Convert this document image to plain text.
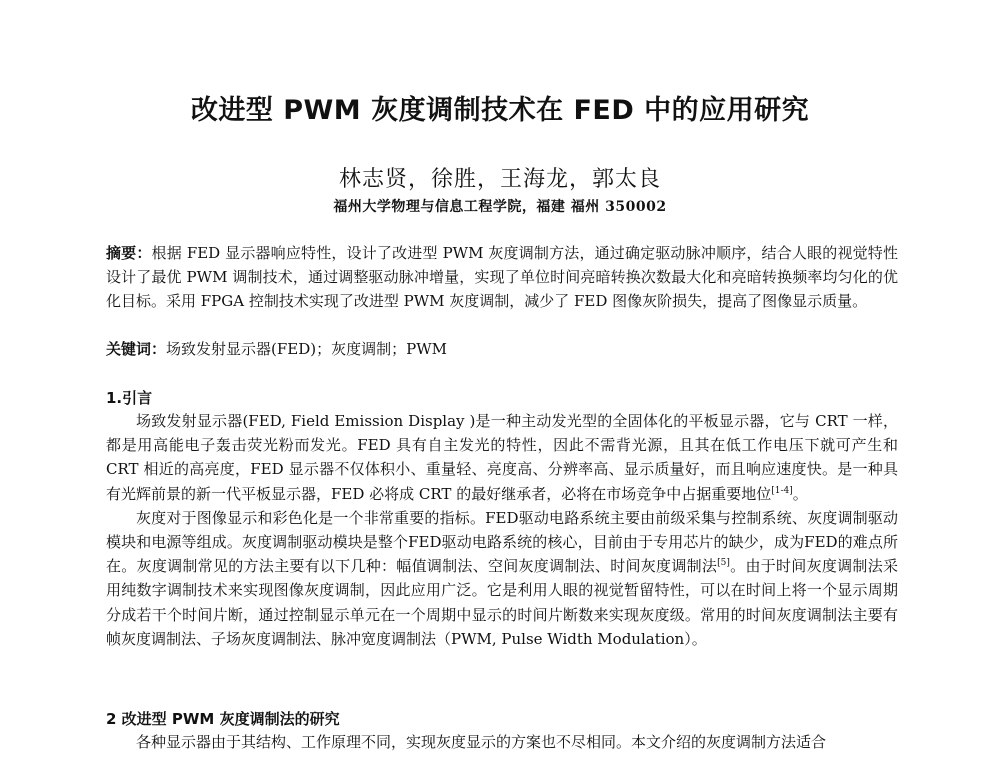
改进型 PWM 灰度调制技术在 FED 中的应用研究
林志贤，徐胜，王海龙，郭太良
福州大学物理与信息工程学院，福建 福州 350002
摘要：根据 FED 显示器响应特性，设计了改进型 PWM 灰度调制方法，通过确定驱动脉冲顺序，结合人眼的视觉特性设计了最优 PWM 调制技术，通过调整驱动脉冲增量，实现了单位时间亮暗转换次数最大化和亮暗转换频率均匀化的优化目标。采用 FPGA 控制技术实现了改进型 PWM 灰度调制，减少了 FED 图像灰阶损失，提高了图像显示质量。
关键词：场致发射显示器(FED)；灰度调制；PWM
1.引言

场致发射显示器(FED, Field Emission Display )是一种主动发光型的全固体化的平板显示器，它与 CRT 一样，都是用高能电子轰击荧光粉而发光。FED 具有自主发光的特性，因此不需背光源，且其在低工作电压下就可产生和 CRT 相近的高亮度，FED 显示器不仅体积小、重量轻、亮度高、分辨率高、显示质量好，而且响应速度快。是一种具有光辉前景的新一代平板显示器，FED 必将成 CRT 的最好继承者，必将在市场竞争中占据重要地位[1-4]。

灰度对于图像显示和彩色化是一个非常重要的指标。FED驱动电路系统主要由前级采集与控制系统、灰度调制驱动模块和电源等组成。灰度调制驱动模块是整个FED驱动电路系统的核心，目前由于专用芯片的缺少，成为FED的难点所在。灰度调制常见的方法主要有以下几种：幅值调制法、空间灰度调制法、时间灰度调制法[5]。由于时间灰度调制法采用纯数字调制技术来实现图像灰度调制，因此应用广泛。它是利用人眼的视觉暂留特性，可以在时间上将一个显示周期分成若干个时间片断，通过控制显示单元在一个周期中显示的时间片断数来实现灰度级。常用的时间灰度调制法主要有帧灰度调制法、子场灰度调制法、脉冲宽度调制法（PWM, Pulse Width Modulation）。

2 改进型 PWM 灰度调制法的研究

各种显示器由于其结构、工作原理不同，实现灰度显示的方案也不尽相同。本文介绍的灰度调制方法适合
